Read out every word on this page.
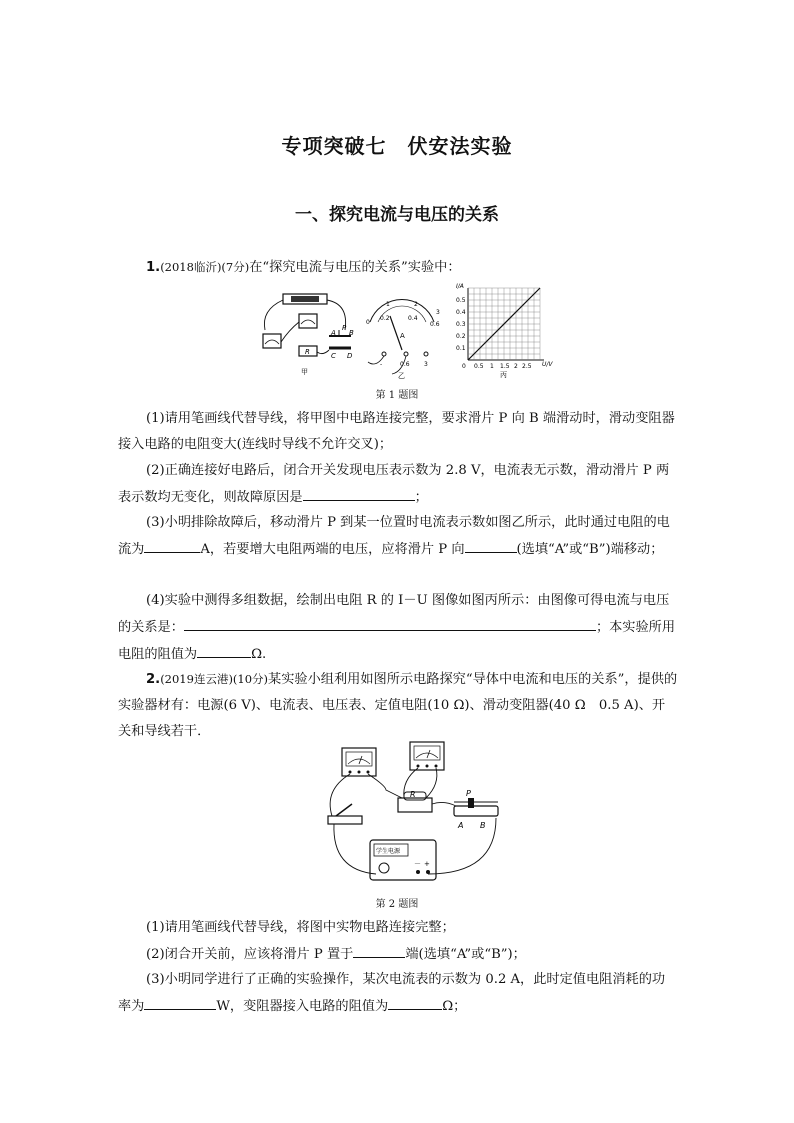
专项突破七　伏安法实验
一、探究电流与电压的关系
1.(2018临沂)(7分)在“探究电流与电压的关系”实验中：
A
P
B
C D
R
甲
0
0.2	0.4
0.6
1	2
3
A
-	0.6 3
乙
I/A
U/V
0.5
0.4
0.3
0.2
0.1
0 0.5 1 1.5 2 2.5
丙
第 1 题图
(1)请用笔画线代替导线，将甲图中电路连接完整，要求滑片 P 向 B 端滑动时，滑动变阻器接入电路的电阻变大(连线时导线不允许交叉)；
(2)正确连接好电路后，闭合开关发现电压表示数为 2.8 V，电流表无示数，滑动滑片 P 两表示数均无变化，则故障原因是	；
(3)小明排除故障后，移动滑片 P 到某一位置时电流表示数如图乙所示，此时通过电阻的电流为	A，若要增大电阻两端的电压，应将滑片 P 向	(选填“A”或“B”)端移动；
(4)实验中测得多组数据，绘制出电阻 R 的 I－U 图像如图丙所示：由图像可得电流与电压的关系是：	；本实验所用电阻的阻值为	Ω.
2.(2019连云港)(10分)某实验小组利用如图所示电路探究“导体中电流和电压的关系”，提供的实验器材有：电源(6 V)、电流表、电压表、定值电阻(10 Ω)、滑动变阻器(40 Ω　0.5 A)、开关和导线若干．
R	P
A B
学生电源
－ +
第 2 题图
(1)请用笔画线代替导线，将图中实物电路连接完整；
(2)闭合开关前，应该将滑片 P 置于	端(选填“A”或“B”)；
(3)小明同学进行了正确的实验操作，某次电流表的示数为 0.2 A，此时定值电阻消耗的功率为	W，变阻器接入电路的阻值为	Ω；
